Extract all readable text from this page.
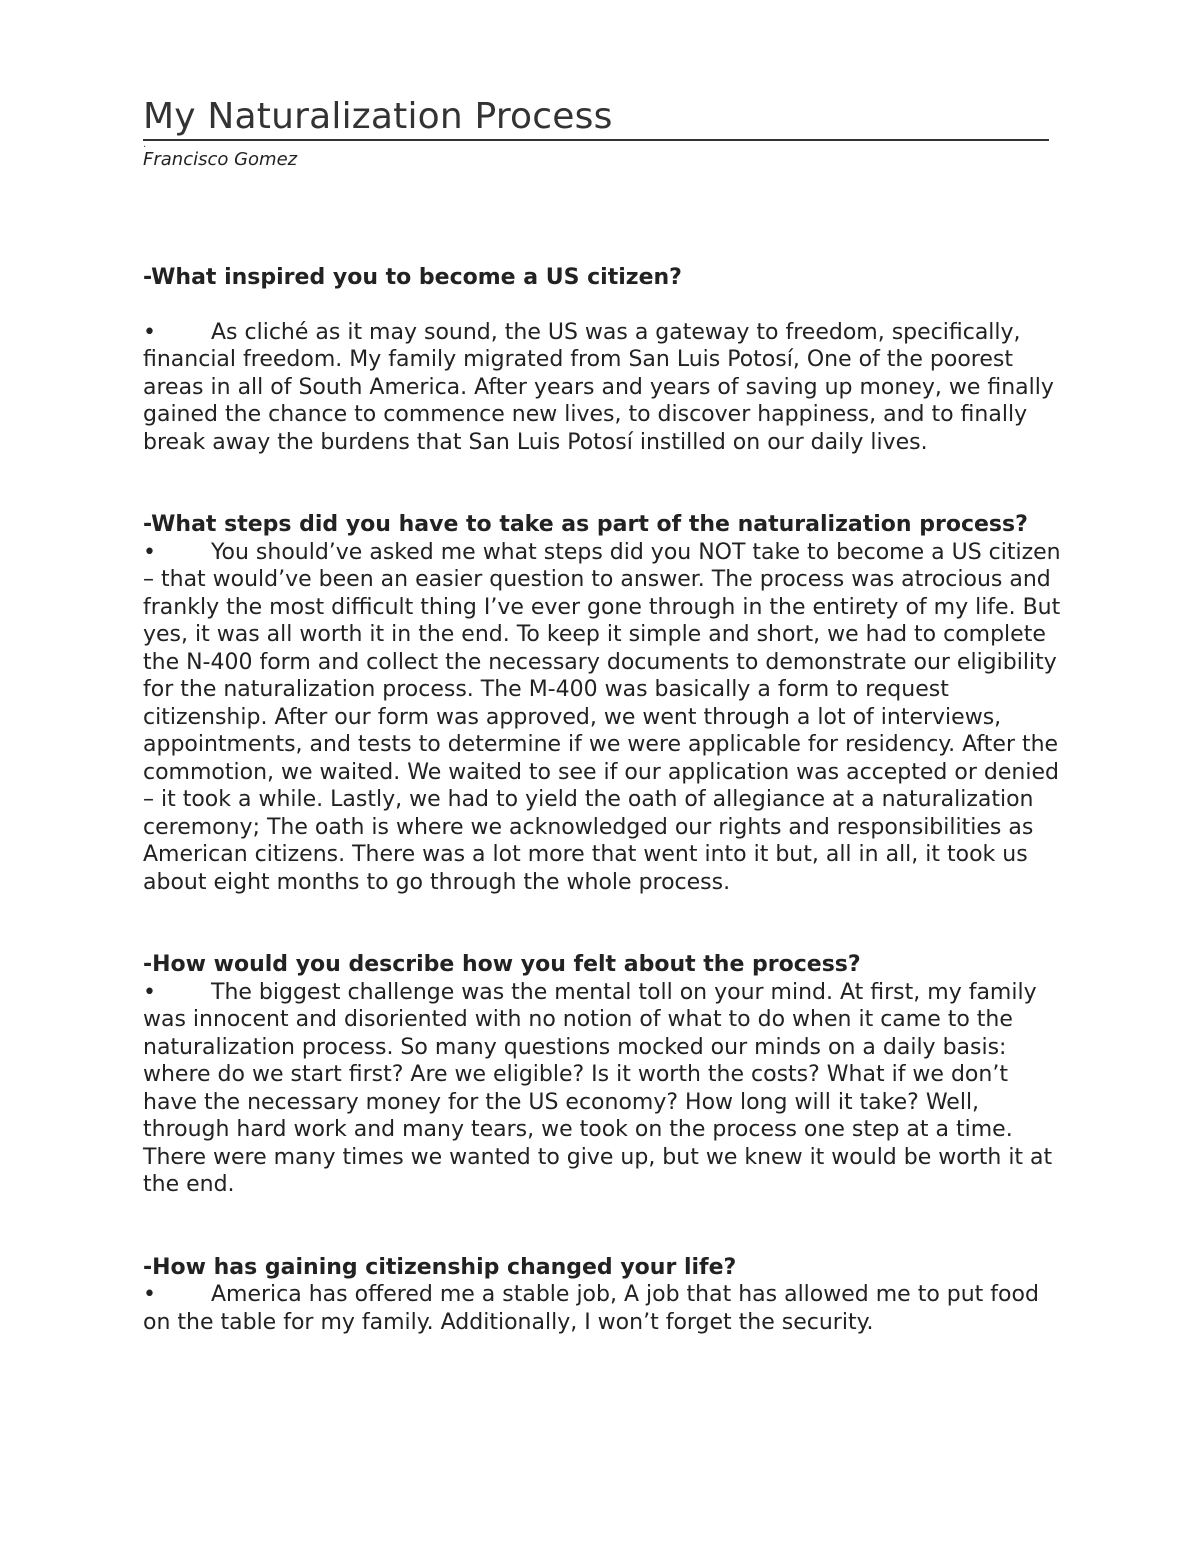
My Naturalization Process
.

Francisco Gomez

-What inspired you to become a US citizen?

•	As cliché as it may sound, the US was a gateway to freedom, specifically, financial freedom. My family migrated from San Luis Potosí, One of the poorest areas in all of South America. After years and years of saving up money, we finally gained the chance to commence new lives, to discover happiness, and to finally break away the burdens that San Luis Potosí instilled on our daily lives.

-What steps did you have to take as part of the naturalization process?

•	You should’ve asked me what steps did you NOT take to become a US citizen – that would’ve been an easier question to answer. The process was atrocious and frankly the most difficult thing I’ve ever gone through in the entirety of my life. But yes, it was all worth it in the end. To keep it simple and short, we had to complete the N-400 form and collect the necessary documents to demonstrate our eligibility for the naturalization process. The M-400 was basically a form to request citizenship. After our form was approved, we went through a lot of interviews, appointments, and tests to determine if we were applicable for residency. After the commotion, we waited. We waited to see if our application was accepted or denied – it took a while. Lastly, we had to yield the oath of allegiance at a naturalization ceremony; The oath is where we acknowledged our rights and responsibilities as American citizens. There was a lot more that went into it but, all in all, it took us about eight months to go through the whole process.

-How would you describe how you felt about the process?

•	The biggest challenge was the mental toll on your mind. At first, my family was innocent and disoriented with no notion of what to do when it came to the naturalization process. So many questions mocked our minds on a daily basis: where do we start first? Are we eligible? Is it worth the costs? What if we don’t have the necessary money for the US economy? How long will it take? Well, through hard work and many tears, we took on the process one step at a time. There were many times we wanted to give up, but we knew it would be worth it at the end.

-How has gaining citizenship changed your life?

•	America has offered me a stable job, A job that has allowed me to put food on the table for my family. Additionally, I won’t forget the security.
